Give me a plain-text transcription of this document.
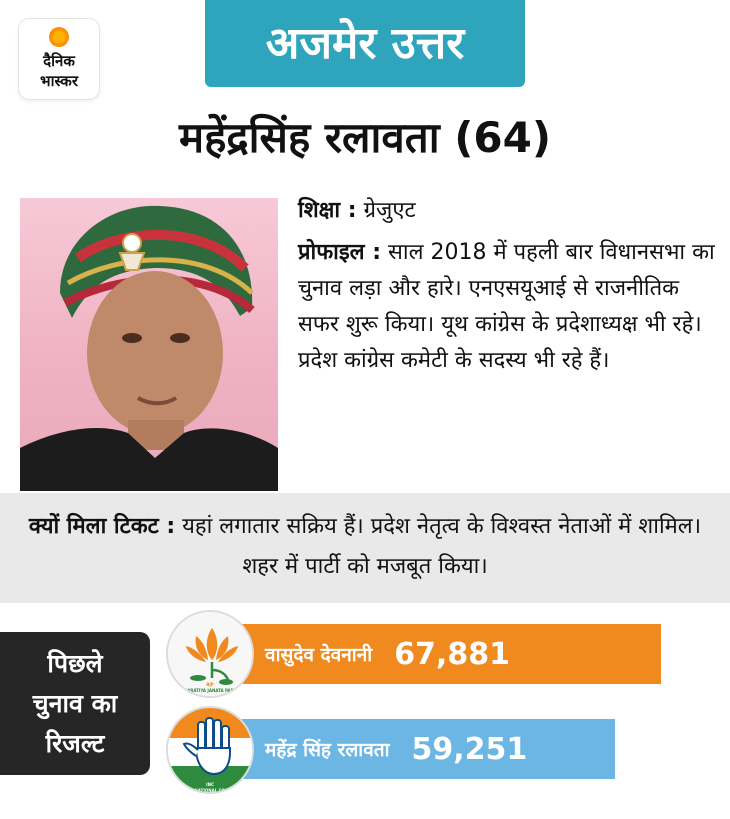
दैनिक
भास्कर
अजमेर उत्तर
महेंद्रसिंह रलावता (64)
शिक्षा : ग्रेजुएट
प्रोफाइल : साल 2018 में पहली बार विधानसभा का चुनाव लड़ा और हारे। एनएसयूआई से राजनीतिक सफर शुरू किया। यूथ कांग्रेस के प्रदेशाध्यक्ष भी रहे। प्रदेश कांग्रेस कमेटी के सदस्य भी रहे हैं।
क्यों मिला टिकट : यहां लगातार सक्रिय हैं। प्रदेश नेतृत्व के विश्वस्त नेताओं में शामिल। शहर में पार्टी को मजबूत किया।
पिछले
चुनाव का
रिजल्ट
वासुदेव देवनानी 67,881
महेंद्र सिंह रलावता 59,251
BJP
BHARATIYA JANATA PARTY
INC
INDIAN NATIONAL CONGRESS
